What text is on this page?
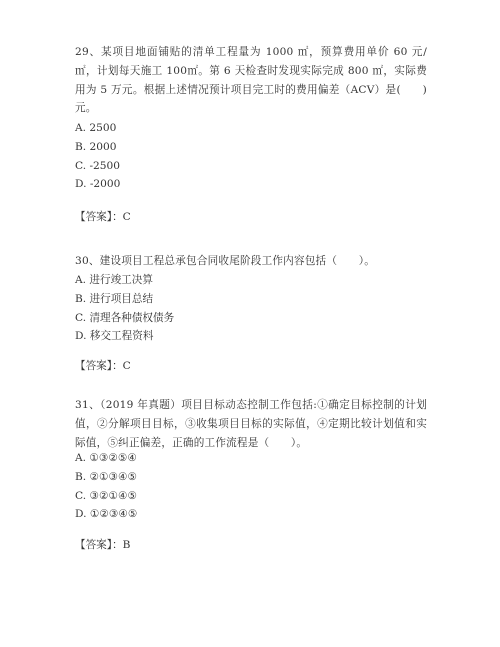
29、某项目地面铺贴的清单工程量为 1000 ㎡，预算费用单价 60 元/㎡，计划每天施工 100㎡。第 6 天检查时发现实际完成 800 ㎡，实际费用为 5 万元。根据上述情况预计项目完工时的费用偏差（ACV）是(　　)元。
A. 2500
B. 2000
C. -2500
D. -2000
【答案】：C
30、建设项目工程总承包合同收尾阶段工作内容包括（　　）。
A. 进行竣工决算
B. 进行项目总结
C. 清理各种债权债务
D. 移交工程资料
【答案】：C
31、（2019 年真题）项目目标动态控制工作包括:①确定目标控制的计划值，②分解项目目标，③收集项目目标的实际值，④定期比较计划值和实际值，⑤纠正偏差，正确的工作流程是（　　）。
A. ①③②⑤④
B. ②①③④⑤
C. ③②①④⑤
D. ①②③④⑤
【答案】：B
